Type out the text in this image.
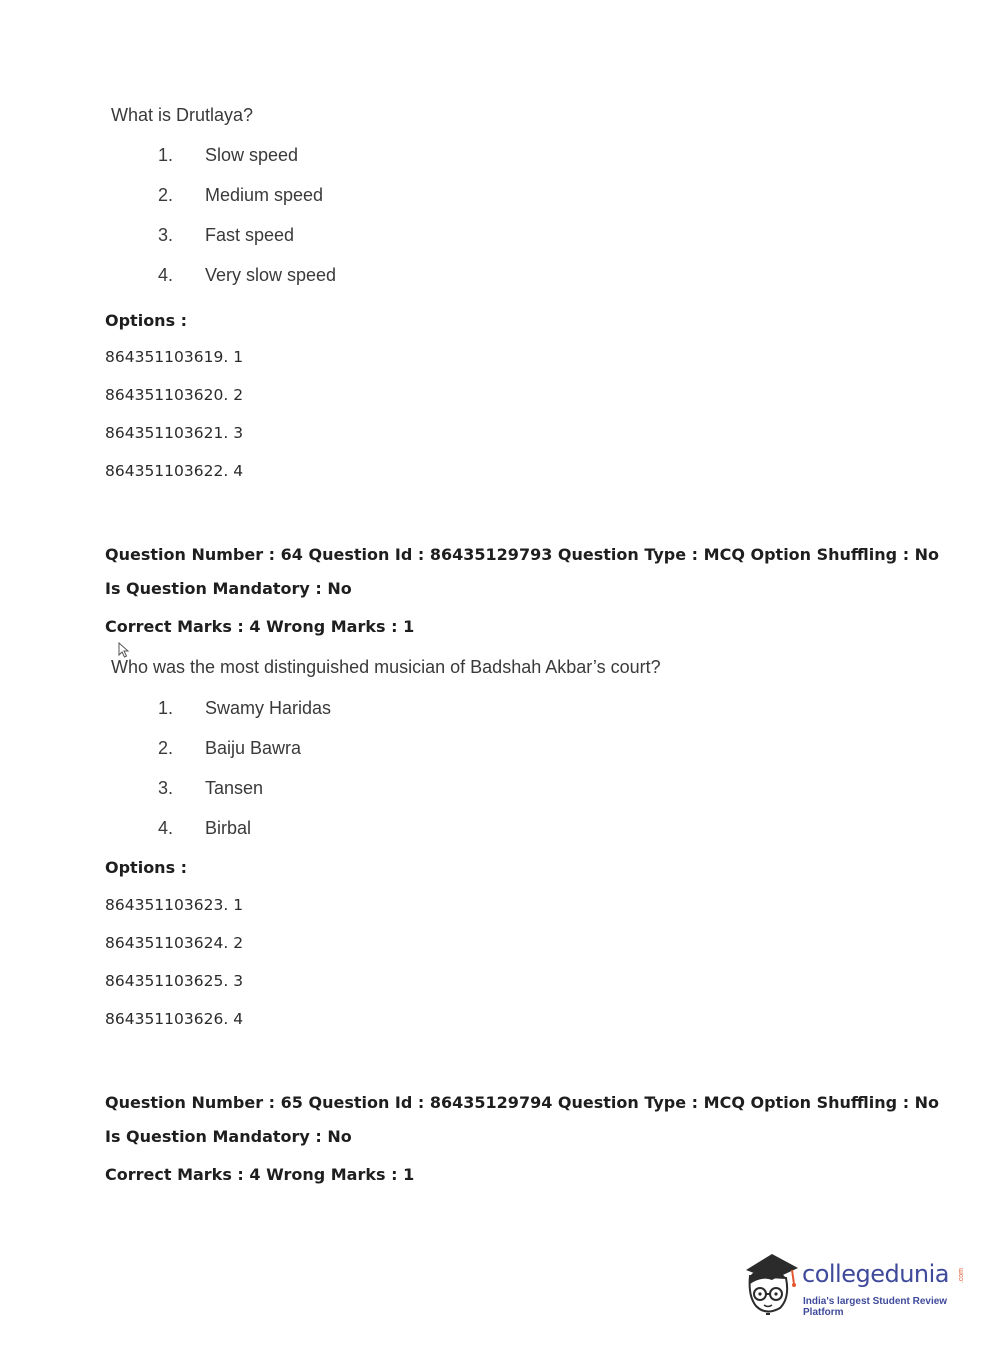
What is Drutlaya?
1. Slow speed
2. Medium speed
3. Fast speed
4. Very slow speed
Options :
864351103619. 1
864351103620. 2
864351103621. 3
864351103622. 4
Question Number : 64 Question Id : 86435129793 Question Type : MCQ Option Shuffling : No
Is Question Mandatory : No
Correct Marks : 4 Wrong Marks : 1
Who was the most distinguished musician of Badshah Akbar’s court?
1. Swamy Haridas
2. Baiju Bawra
3. Tansen
4. Birbal
Options :
864351103623. 1
864351103624. 2
864351103625. 3
864351103626. 4
Question Number : 65 Question Id : 86435129794 Question Type : MCQ Option Shuffling : No
Is Question Mandatory : No
Correct Marks : 4 Wrong Marks : 1
collegedunia .com
India's largest Student Review Platform
